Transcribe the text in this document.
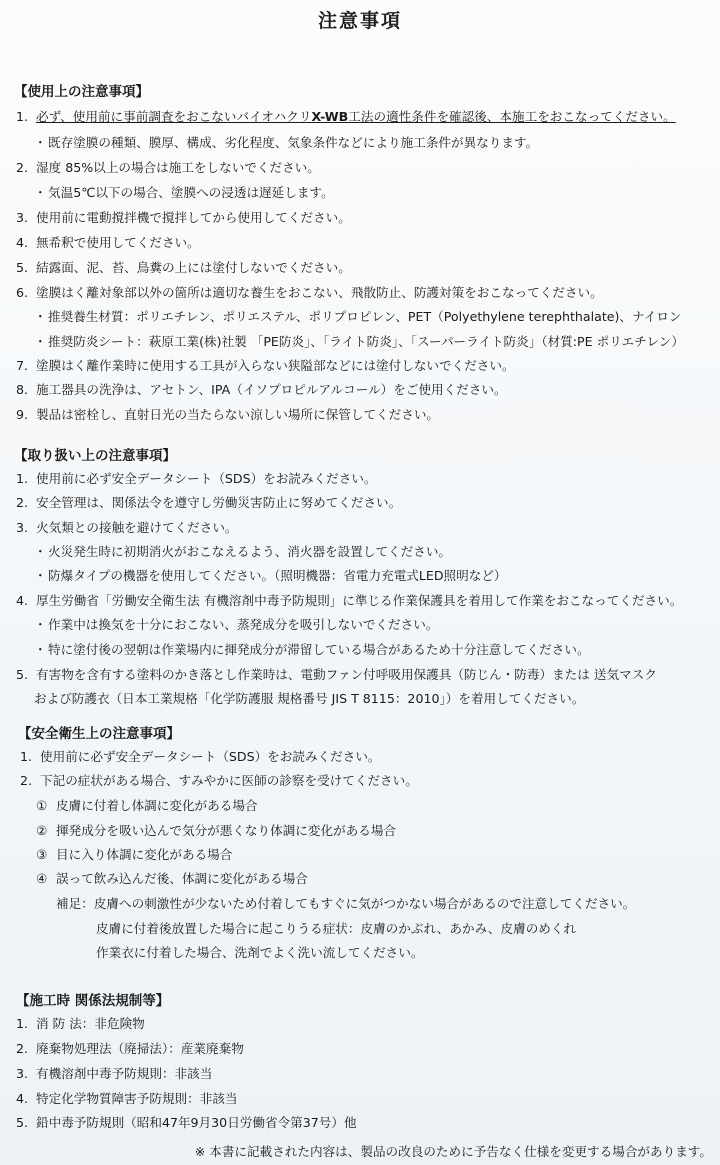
注意事項
【使用上の注意事項】
1. 必ず、使用前に事前調査をおこないバイオハクリX-WB工法の適性条件を確認後、本施工をおこなってください。
・既存塗膜の種類、膜厚、構成、劣化程度、気象条件などにより施工条件が異なります。
2. 湿度 85%以上の場合は施工をしないでください。
・気温5℃以下の場合、塗膜への浸透は遅延します。
3. 使用前に電動撹拌機で撹拌してから使用してください。
4. 無希釈で使用してください。
5. 結露面、泥、苔、鳥糞の上には塗付しないでください。
6. 塗膜はく離対象部以外の箇所は適切な養生をおこない、飛散防止、防護対策をおこなってください。
・推奨養生材質：ポリエチレン、ポリエステル、ポリプロピレン、PET（Polyethylene terephthalate)、ナイロン
・推奨防炎シート：萩原工業(株)社製 「PE防炎」、「ライト防炎」、「スーパーライト防炎」（材質:PE ポリエチレン）
7. 塗膜はく離作業時に使用する工具が入らない狭隘部などには塗付しないでください。
8. 施工器具の洗浄は、アセトン、IPA（イソプロピルアルコール）をご使用ください。
9. 製品は密栓し、直射日光の当たらない涼しい場所に保管してください。
【取り扱い上の注意事項】
1. 使用前に必ず安全データシート（SDS）をお読みください。
2. 安全管理は、関係法令を遵守し労働災害防止に努めてください。
3. 火気類との接触を避けてください。
・火災発生時に初期消火がおこなえるよう、消火器を設置してください。
・防爆タイプの機器を使用してください。（照明機器：省電力充電式LED照明など）
4. 厚生労働省「労働安全衛生法 有機溶剤中毒予防規則」に準じる作業保護具を着用して作業をおこなってください。
・作業中は換気を十分におこない、蒸発成分を吸引しないでください。
・特に塗付後の翌朝は作業場内に揮発成分が滞留している場合があるため十分注意してください。
5. 有害物を含有する塗料のかき落とし作業時は、電動ファン付呼吸用保護具（防じん・防毒）または 送気マスク
および防護衣（日本工業規格「化学防護服 規格番号 JIS T 8115：2010」）を着用してください。
【安全衛生上の注意事項】
1. 使用前に必ず安全データシート（SDS）をお読みください。
2. 下記の症状がある場合、すみやかに医師の診察を受けてください。
① 皮膚に付着し体調に変化がある場合
② 揮発成分を吸い込んで気分が悪くなり体調に変化がある場合
③ 目に入り体調に変化がある場合
④ 誤って飲み込んだ後、体調に変化がある場合
補足：皮膚への刺激性が少ないため付着してもすぐに気がつかない場合があるので注意してください。
皮膚に付着後放置した場合に起こりうる症状：皮膚のかぶれ、あかみ、皮膚のめくれ
作業衣に付着した場合、洗剤でよく洗い流してください。
【施工時 関係法規制等】
1. 消 防 法：非危険物
2. 廃棄物処理法（廃掃法）：産業廃棄物
3. 有機溶剤中毒予防規則：非該当
4. 特定化学物質障害予防規則：非該当
5. 鉛中毒予防規則（昭和47年9月30日労働省令第37号）他
※ 本書に記載された内容は、製品の改良のために予告なく仕様を変更する場合があります。
